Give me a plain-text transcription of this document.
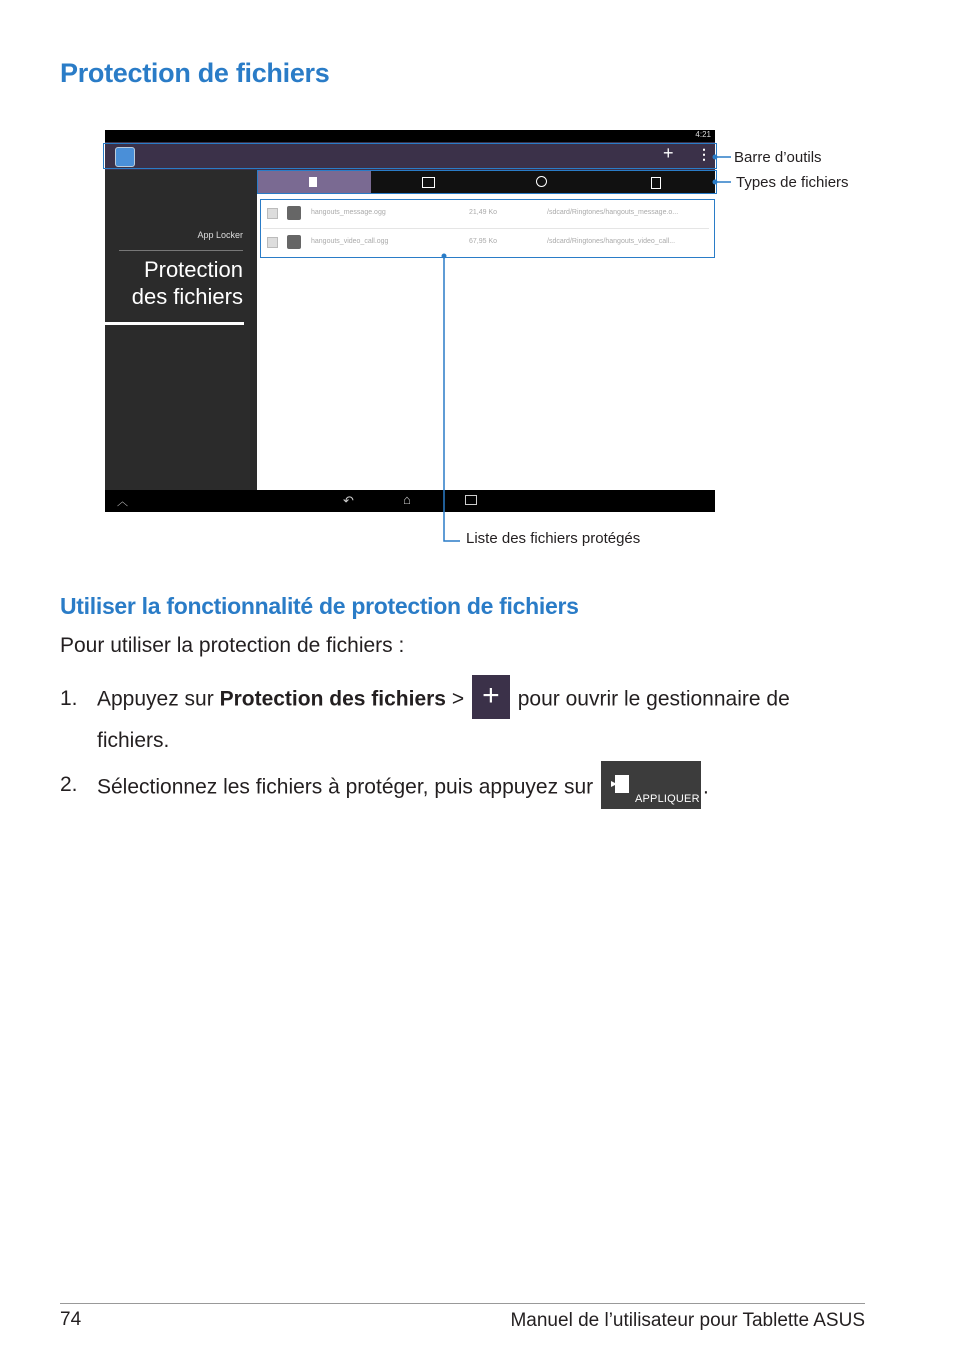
Protection de fichiers
4:21
+ ⋮
App Locker
Protection
des fichiers
hangouts_message.ogg	21,49 Ko	/sdcard/Ringtones/hangouts_message.o...
hangouts_video_call.ogg	67,95 Ko	/sdcard/Ringtones/hangouts_video_call...
︿	↶	⌂
Barre d’outils
Types de fichiers
Liste des fichiers protégés
Utiliser la fonctionnalité de protection de fichiers
Pour utiliser la protection de fichiers :
1. Appuyez sur Protection des fichiers > + pour ouvrir le gestionnaire de
fichiers.
2. Sélectionnez les fichiers à protéger, puis appuyez sur
APPLIQUER
.
74	Manuel de l’utilisateur pour Tablette ASUS
